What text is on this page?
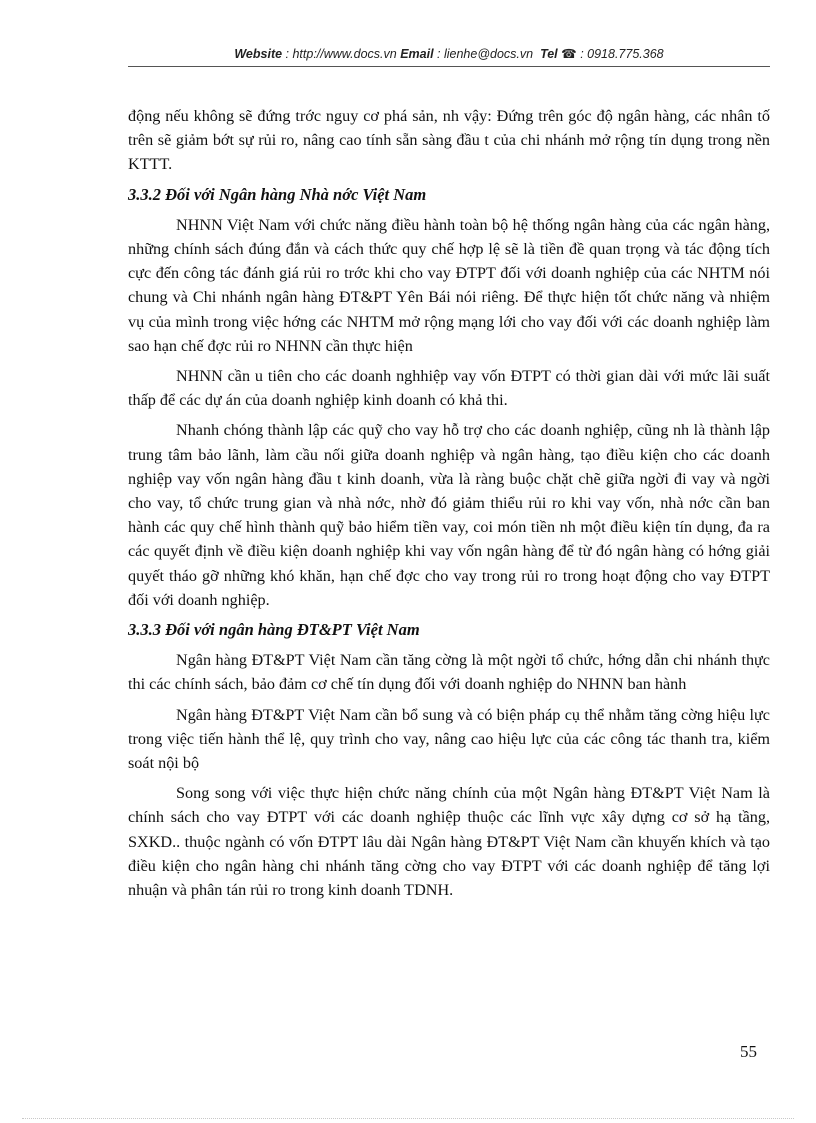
Website : http://www.docs.vn Email : lienhe@docs.vn Tel ☎ : 0918.775.368

động nếu không sẽ đứng trớc nguy cơ phá sản, nh vậy: Đứng trên góc độ ngân hàng, các nhân tố trên sẽ giảm bớt sự rủi ro, nâng cao tính sẵn sàng đầu t của chi nhánh mở rộng tín dụng trong nền KTTT.

3.3.2 Đối với Ngân hàng Nhà nớc Việt Nam

NHNN Việt Nam với chức năng điều hành toàn bộ hệ thống ngân hàng của các ngân hàng, những chính sách đúng đắn và cách thức quy chế hợp lệ sẽ là tiền đề quan trọng và tác động tích cực đến công tác đánh giá rủi ro trớc khi cho vay ĐTPT đối với doanh nghiệp của các NHTM nói chung và Chi nhánh ngân hàng ĐT&PT Yên Bái nói riêng. Để thực hiện tốt chức năng và nhiệm vụ của mình trong việc hớng các NHTM mở rộng mạng lới cho vay đối với các doanh nghiệp làm sao hạn chế đợc rủi ro NHNN cần thực hiện

NHNN cần u tiên cho các doanh nghhiệp vay vốn ĐTPT có thời gian dài với mức lãi suất thấp để các dự án của doanh nghiệp kinh doanh có khả thi.

Nhanh chóng thành lập các quỹ cho vay hỗ trợ cho các doanh nghiệp, cũng nh là thành lập trung tâm bảo lãnh, làm cầu nối giữa doanh nghiệp và ngân hàng, tạo điều kiện cho các doanh nghiệp vay vốn ngân hàng đầu t kinh doanh, vừa là ràng buộc chặt chẽ giữa ngời đi vay và ngời cho vay, tổ chức trung gian và nhà nớc, nhờ đó giảm thiểu rủi ro khi vay vốn, nhà nớc cần ban hành các quy chế hình thành quỹ bảo hiểm tiền vay, coi món tiền nh một điều kiện tín dụng, đa ra các quyết định về điều kiện doanh nghiệp khi vay vốn ngân hàng để từ đó ngân hàng có hớng giải quyết tháo gỡ những khó khăn, hạn chế đợc cho vay trong rủi ro trong hoạt động cho vay ĐTPT đối với doanh nghiệp.

3.3.3 Đối với ngân hàng ĐT&PT Việt Nam

Ngân hàng ĐT&PT Việt Nam cần tăng cờng là một ngời tổ chức, hớng dẫn chi nhánh thực thi các chính sách, bảo đảm cơ chế tín dụng đối với doanh nghiệp do NHNN ban hành

Ngân hàng ĐT&PT Việt Nam cần bổ sung và có biện pháp cụ thể nhằm tăng cờng hiệu lực trong việc tiến hành thể lệ, quy trình cho vay, nâng cao hiệu lực của các công tác thanh tra, kiểm soát nội bộ

Song song với việc thực hiện chức năng chính của một Ngân hàng ĐT&PT Việt Nam là chính sách cho vay ĐTPT với các doanh nghiệp thuộc các lĩnh vực xây dựng cơ sở hạ tầng, SXKD.. thuộc ngành có vốn ĐTPT lâu dài Ngân hàng ĐT&PT Việt Nam cần khuyến khích và tạo điều kiện cho ngân hàng chi nhánh tăng cờng cho vay ĐTPT với các doanh nghiệp để tăng lợi nhuận và phân tán rủi ro trong kinh doanh TDNH.

55
